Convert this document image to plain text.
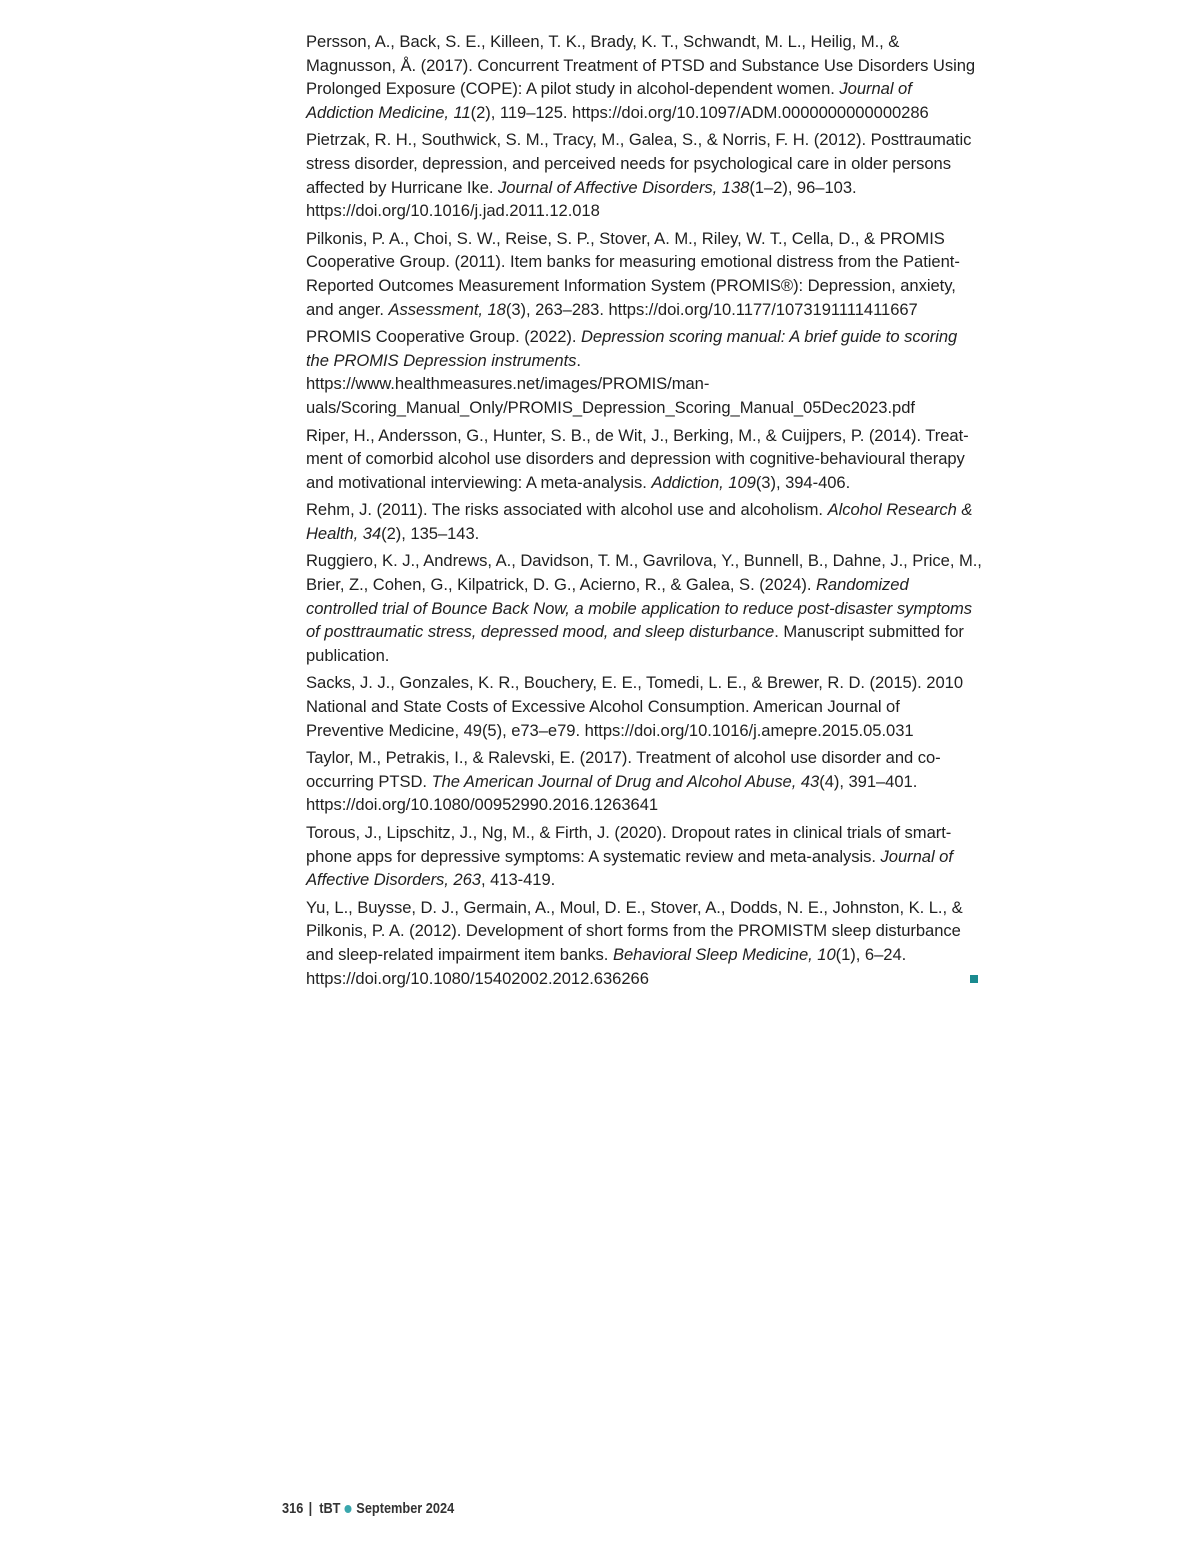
Persson, A., Back, S. E., Killeen, T. K., Brady, K. T., Schwandt, M. L., Heilig, M., & Magnusson, Å. (2017). Concurrent Treatment of PTSD and Substance Use Disorders Using Prolonged Exposure (COPE): A pilot study in alcohol-dependent women. Journal of Addiction Medicine, 11(2), 119–125. https://doi.org/10.1097/ADM.0000000000000286

Pietrzak, R. H., Southwick, S. M., Tracy, M., Galea, S., & Norris, F. H. (2012). Posttraumatic stress disorder, depression, and perceived needs for psychological care in older persons affected by Hurricane Ike. Journal of Affective Disorders, 138(1–2), 96–103. https://doi.org/10.1016/j.jad.2011.12.018

Pilkonis, P. A., Choi, S. W., Reise, S. P., Stover, A. M., Riley, W. T., Cella, D., & PROMIS Cooperative Group. (2011). Item banks for measuring emotional distress from the Patient-Reported Outcomes Measurement Information System (PROMIS®): Depression, anxiety, and anger. Assessment, 18(3), 263–283. https://doi.org/10.1177/1073191111411667

PROMIS Cooperative Group. (2022). Depression scoring manual: A brief guide to scoring the PROMIS Depression instruments. https://www.healthmeasures.net/images/PROMIS/manuals/Scoring_Manual_Only/PROMIS_Depression_Scoring_Manual_05Dec2023.pdf

Riper, H., Andersson, G., Hunter, S. B., de Wit, J., Berking, M., & Cuijpers, P. (2014). Treatment of comorbid alcohol use disorders and depression with cognitive-behavioural therapy and motivational interviewing: A meta-analysis. Addiction, 109(3), 394-406.

Rehm, J. (2011). The risks associated with alcohol use and alcoholism. Alcohol Research & Health, 34(2), 135–143.

Ruggiero, K. J., Andrews, A., Davidson, T. M., Gavrilova, Y., Bunnell, B., Dahne, J., Price, M., Brier, Z., Cohen, G., Kilpatrick, D. G., Acierno, R., & Galea, S. (2024). Randomized controlled trial of Bounce Back Now, a mobile application to reduce post-disaster symptoms of posttraumatic stress, depressed mood, and sleep disturbance. Manuscript submitted for publication.

Sacks, J. J., Gonzales, K. R., Bouchery, E. E., Tomedi, L. E., & Brewer, R. D. (2015). 2010 National and State Costs of Excessive Alcohol Consumption. American Journal of Preventive Medicine, 49(5), e73–e79. https://doi.org/10.1016/j.amepre.2015.05.031

Taylor, M., Petrakis, I., & Ralevski, E. (2017). Treatment of alcohol use disorder and co-occurring PTSD. The American Journal of Drug and Alcohol Abuse, 43(4), 391–401. https://doi.org/10.1080/00952990.2016.1263641

Torous, J., Lipschitz, J., Ng, M., & Firth, J. (2020). Dropout rates in clinical trials of smartphone apps for depressive symptoms: A systematic review and meta-analysis. Journal of Affective Disorders, 263, 413-419.

Yu, L., Buysse, D. J., Germain, A., Moul, D. E., Stover, A., Dodds, N. E., Johnston, K. L., & Pilkonis, P. A. (2012). Development of short forms from the PROMISTM sleep disturbance and sleep-related impairment item banks. Behavioral Sleep Medicine, 10(1), 6–24. https://doi.org/10.1080/15402002.2012.636266

316 | tBT September 2024
